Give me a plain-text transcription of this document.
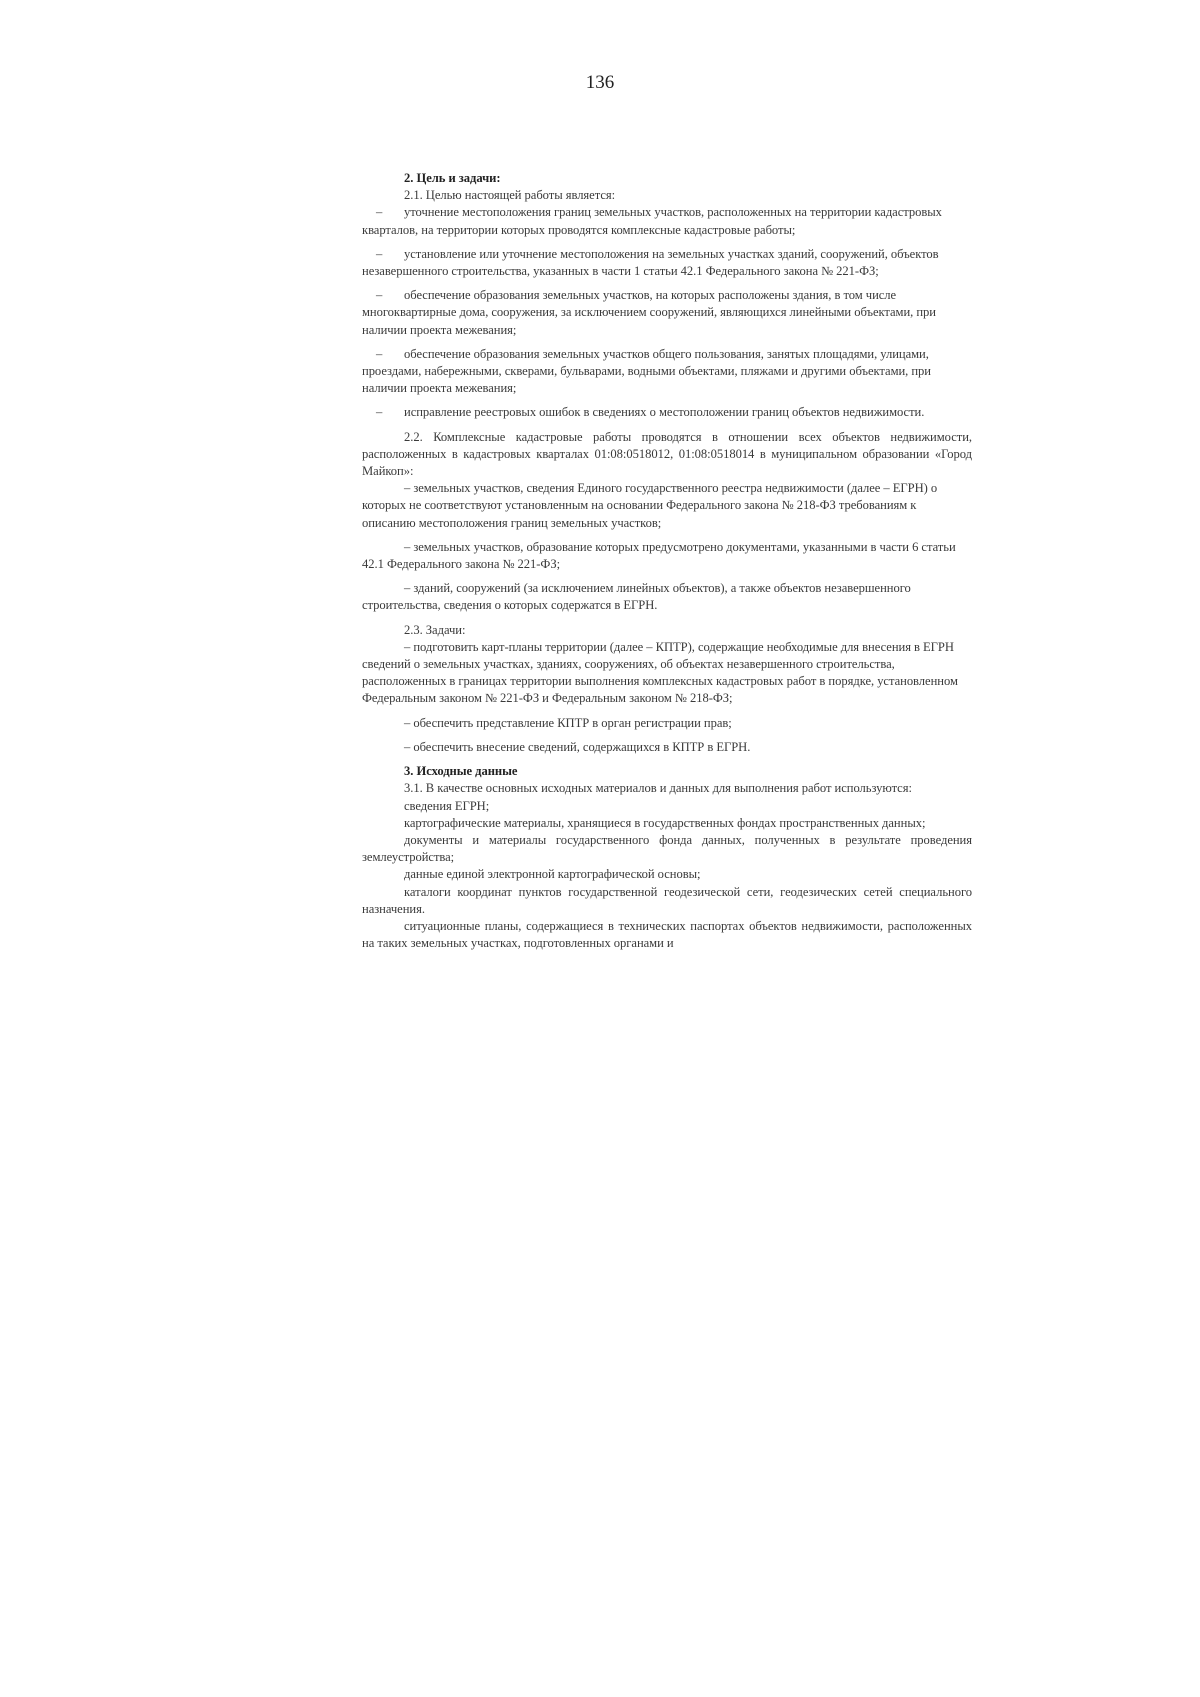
136

2. Цель и задачи:

2.1. Целью настоящей работы является:

– уточнение местоположения границ земельных участков, расположенных на территории кадастровых кварталов, на территории которых проводятся комплексные кадастровые работы;

– установление или уточнение местоположения на земельных участках зданий, сооружений, объектов незавершенного строительства, указанных в части 1 статьи 42.1 Федерального закона № 221-ФЗ;

– обеспечение образования земельных участков, на которых расположены здания, в том числе многоквартирные дома, сооружения, за исключением сооружений, являющихся линейными объектами, при наличии проекта межевания;

– обеспечение образования земельных участков общего пользования, занятых площадями, улицами, проездами, набережными, скверами, бульварами, водными объектами, пляжами и другими объектами, при наличии проекта межевания;

– исправление реестровых ошибок в сведениях о местоположении границ объектов недвижимости.

2.2. Комплексные кадастровые работы проводятся в отношении всех объектов недвижимости, расположенных в кадастровых кварталах 01:08:0518012, 01:08:0518014 в муниципальном образовании «Город Майкоп»:

– земельных участков, сведения Единого государственного реестра недвижимости (далее – ЕГРН) о которых не соответствуют установленным на основании Федерального закона № 218-ФЗ требованиям к описанию местоположения границ земельных участков;

– земельных участков, образование которых предусмотрено документами, указанными в части 6 статьи 42.1 Федерального закона № 221-ФЗ;

– зданий, сооружений (за исключением линейных объектов), а также объектов незавершенного строительства, сведения о которых содержатся в ЕГРН.

2.3. Задачи:

– подготовить карт-планы территории (далее – КПТР), содержащие необходимые для внесения в ЕГРН сведений о земельных участках, зданиях, сооружениях, об объектах незавершенного строительства, расположенных в границах территории выполнения комплексных кадастровых работ в порядке, установленном Федеральным законом № 221-ФЗ и Федеральным законом № 218-ФЗ;

– обеспечить представление КПТР в орган регистрации прав;

– обеспечить внесение сведений, содержащихся в КПТР в ЕГРН.

3. Исходные данные

3.1. В качестве основных исходных материалов и данных для выполнения работ используются:

сведения ЕГРН;

картографические материалы, хранящиеся в государственных фондах пространственных данных;

документы и материалы государственного фонда данных, полученных в результате проведения землеустройства;

данные единой электронной картографической основы;

каталоги координат пунктов государственной геодезической сети, геодезических сетей специального назначения.

ситуационные планы, содержащиеся в технических паспортах объектов недвижимости, расположенных на таких земельных участках, подготовленных органами и
